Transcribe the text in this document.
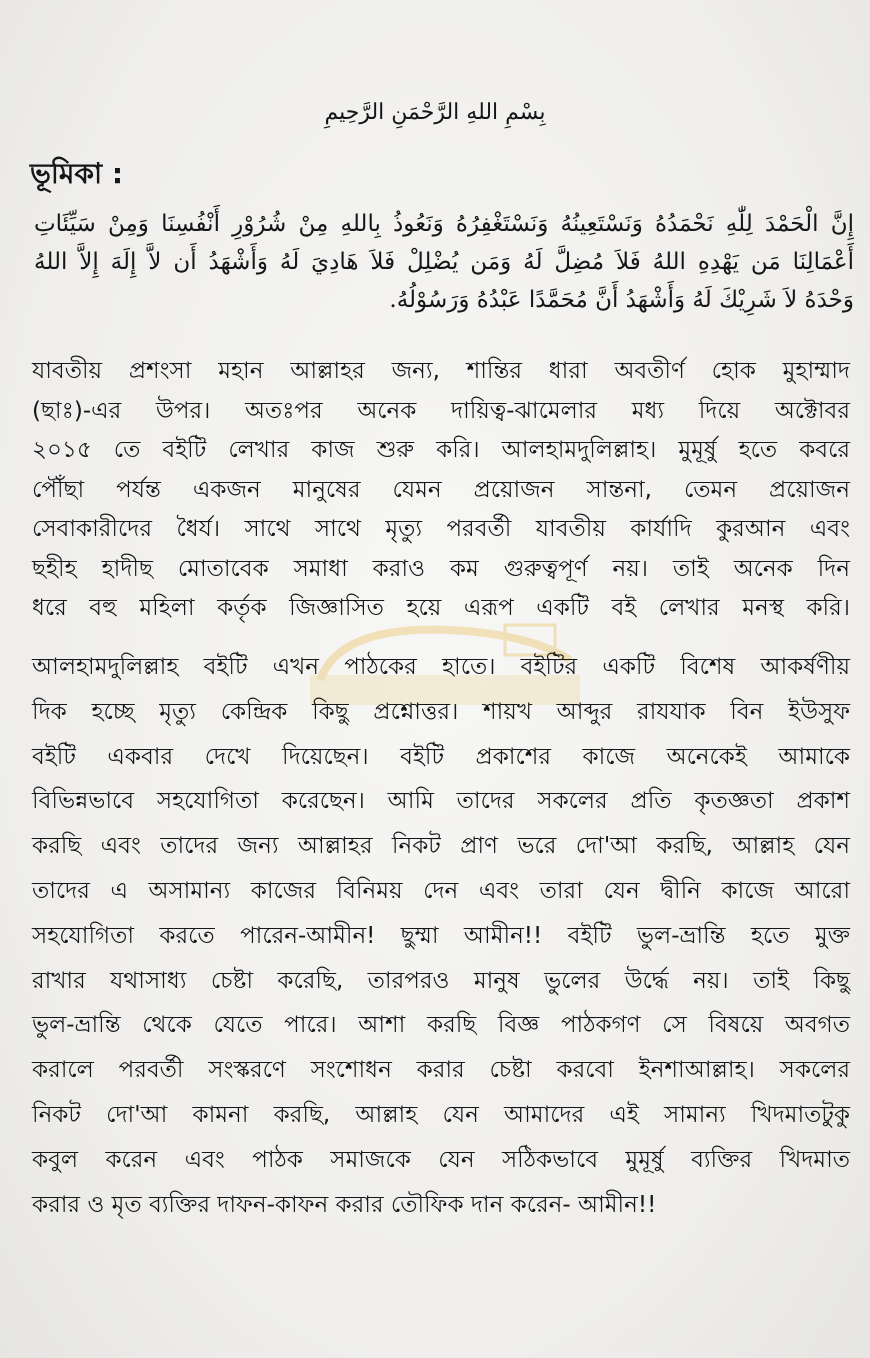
بِسْمِ اللهِ الرَّحْمَنِ الرَّحِيمِ
ভূমিকা :
إِنَّ الْحَمْدَ لِلّٰهِ نَحْمَدُهُ وَنَسْتَعِينُهُ وَنَسْتَغْفِرُهُ وَنَعُوذُ بِاللهِ مِنْ شُرُوْرِ أَنْفُسِنَا وَمِنْ سَيِّئَاتِ
أَعْمَالِنَا مَن يَهْدِهِ اللهُ فَلاَ مُضِلَّ لَهُ وَمَن يُضْلِلْ فَلاَ هَادِيَ لَهُ وَأَشْهَدُ أَن لاَّ إِلَهَ إِلاَّ اللهُ
وَحْدَهُ لاَ شَرِيْكَ لَهُ وَأَشْهَدُ أَنَّ مُحَمَّدًا عَبْدُهُ وَرَسُوْلُهُ.
যাবতীয় প্রশংসা মহান আল্লাহর জন্য, শান্তির ধারা অবতীর্ণ হোক মুহাম্মাদ
(ছাঃ)-এর উপর। অতঃপর অনেক দায়িত্ব-ঝামেলার মধ্য দিয়ে অক্টোবর
২০১৫ তে বইটি লেখার কাজ শুরু করি। আলহামদুলিল্লাহ। মুমূর্ষু হতে কবরে
পৌঁছা পর্যন্ত একজন মানুষের যেমন প্রয়োজন সান্তনা, তেমন প্রয়োজন
সেবাকারীদের ধৈর্য। সাথে সাথে মৃত্যু পরবর্তী যাবতীয় কার্যাদি কুরআন এবং
ছহীহ হাদীছ মোতাবেক সমাধা করাও কম গুরুত্বপূর্ণ নয়। তাই অনেক দিন
ধরে বহু মহিলা কর্তৃক জিজ্ঞাসিত হয়ে এরূপ একটি বই লেখার মনস্থ করি।
আলহামদুলিল্লাহ বইটি এখন পাঠকের হাতে। বইটির একটি বিশেষ আকর্ষণীয়
দিক হচ্ছে মৃত্যু কেন্দ্রিক কিছু প্রশ্নোত্তর। শায়খ আব্দুর রাযযাক বিন ইউসুফ
বইটি একবার দেখে দিয়েছেন। বইটি প্রকাশের কাজে অনেকেই আমাকে
বিভিন্নভাবে সহযোগিতা করেছেন। আমি তাদের সকলের প্রতি কৃতজ্ঞতা প্রকাশ
করছি এবং তাদের জন্য আল্লাহর নিকট প্রাণ ভরে দো'আ করছি, আল্লাহ যেন
তাদের এ অসামান্য কাজের বিনিময় দেন এবং তারা যেন দ্বীনি কাজে আরো
সহযোগিতা করতে পারেন-আমীন! ছুম্মা আমীন!! বইটি ভুল-ভ্রান্তি হতে মুক্ত
রাখার যথাসাধ্য চেষ্টা করেছি, তারপরও মানুষ ভুলের উর্দ্ধে নয়। তাই কিছু
ভুল-ভ্রান্তি থেকে যেতে পারে। আশা করছি বিজ্ঞ পাঠকগণ সে বিষয়ে অবগত
করালে পরবর্তী সংস্করণে সংশোধন করার চেষ্টা করবো ইনশাআল্লাহ। সকলের
নিকট দো'আ কামনা করছি, আল্লাহ যেন আমাদের এই সামান্য খিদমাতটুকু
কবুল করেন এবং পাঠক সমাজকে যেন সঠিকভাবে মুমূর্ষু ব্যক্তির খিদমাত
করার ও মৃত ব্যক্তির দাফন-কাফন করার তৌফিক দান করেন- আমীন!!
